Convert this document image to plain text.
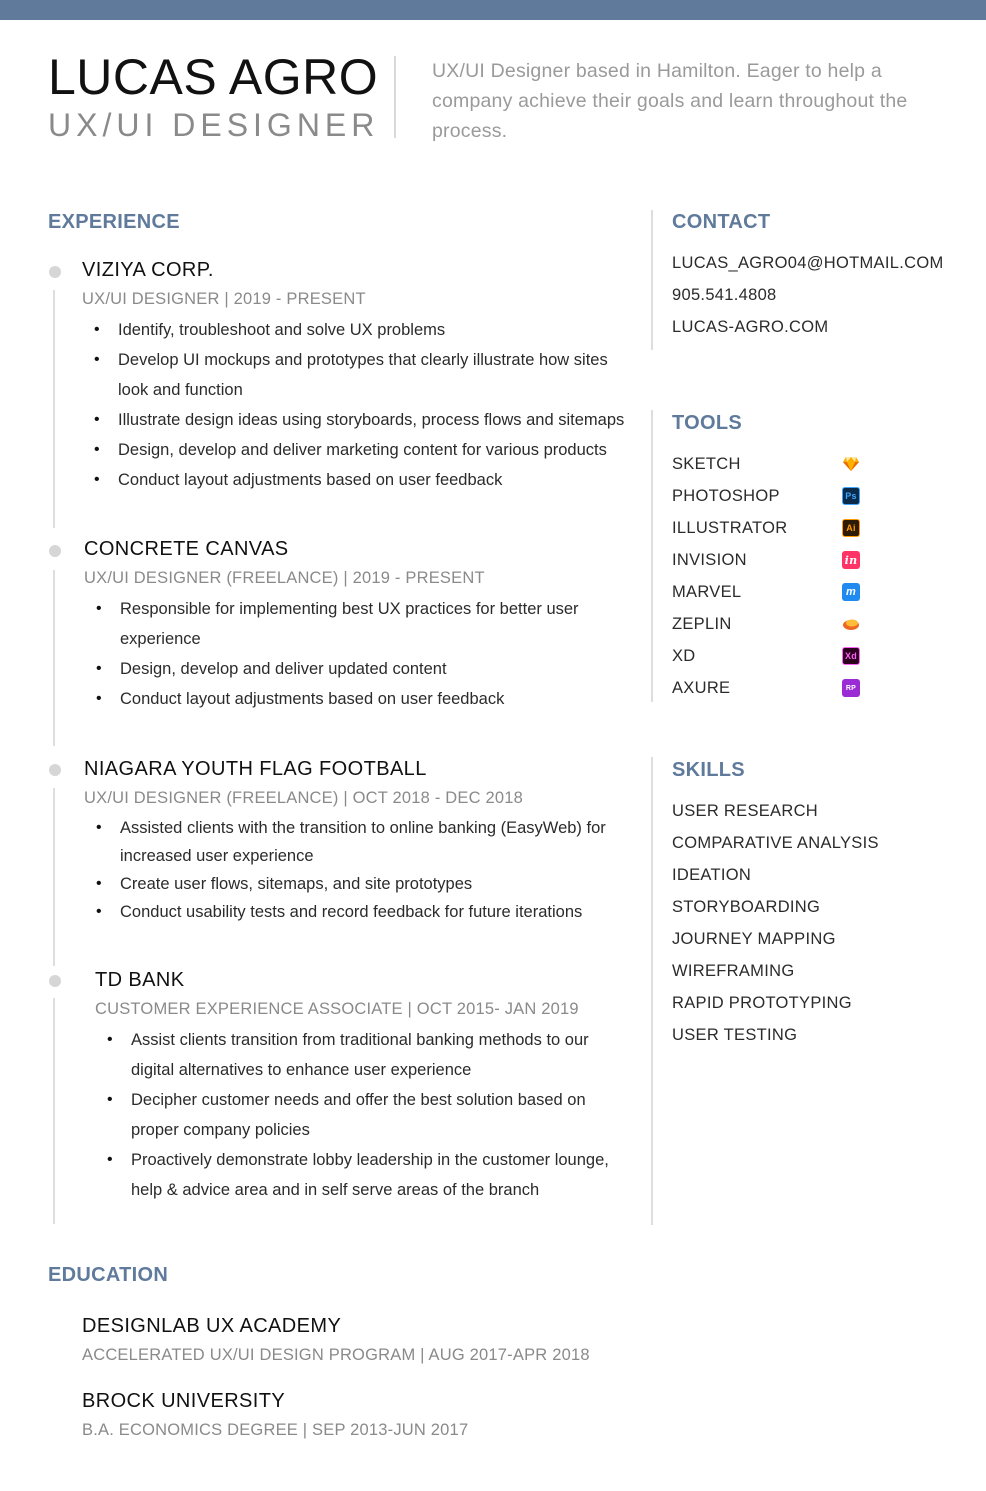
LUCAS AGRO
UX/UI DESIGNER

UX/UI Designer based in Hamilton. Eager to help a company achieve their goals and learn throughout the process.

EXPERIENCE
VIZIYA CORP.
UX/UI DESIGNER | 2019 - PRESENT
• Identify, troubleshoot and solve UX problems
• Develop UI mockups and prototypes that clearly illustrate how sites look and function
• Illustrate design ideas using storyboards, process flows and sitemaps
• Design, develop and deliver marketing content for various products
• Conduct layout adjustments based on user feedback
CONCRETE CANVAS
UX/UI DESIGNER (FREELANCE) | 2019 - PRESENT
• Responsible for implementing best UX practices for better user experience
• Design, develop and deliver updated content
• Conduct layout adjustments based on user feedback
NIAGARA YOUTH FLAG FOOTBALL
UX/UI DESIGNER (FREELANCE) | OCT 2018 - DEC 2018
• Assisted clients with the transition to online banking (EasyWeb) for increased user experience
• Create user flows, sitemaps, and site prototypes
• Conduct usability tests and record feedback for future iterations
TD BANK
CUSTOMER EXPERIENCE ASSOCIATE | OCT 2015- JAN 2019
• Assist clients transition from traditional banking methods to our digital alternatives to enhance user experience
• Decipher customer needs and offer the best solution based on proper company policies
• Proactively demonstrate lobby leadership in the customer lounge, help & advice area and in self serve areas of the branch
CONTACT
LUCAS_AGRO04@HOTMAIL.COM
905.541.4808
LUCAS-AGRO.COM
TOOLS
SKETCH
PHOTOSHOP	Ps
ILLUSTRATOR	Ai
INVISION	in
MARVEL	m
ZEPLIN
XD	Xd
AXURE	RP
SKILLS
USER RESEARCH
COMPARATIVE ANALYSIS
IDEATION
STORYBOARDING
JOURNEY MAPPING
WIREFRAMING
RAPID PROTOTYPING
USER TESTING
EDUCATION
DESIGNLAB UX ACADEMY
ACCELERATED UX/UI DESIGN PROGRAM | AUG 2017-APR 2018
BROCK UNIVERSITY
B.A. ECONOMICS DEGREE | SEP 2013-JUN 2017
